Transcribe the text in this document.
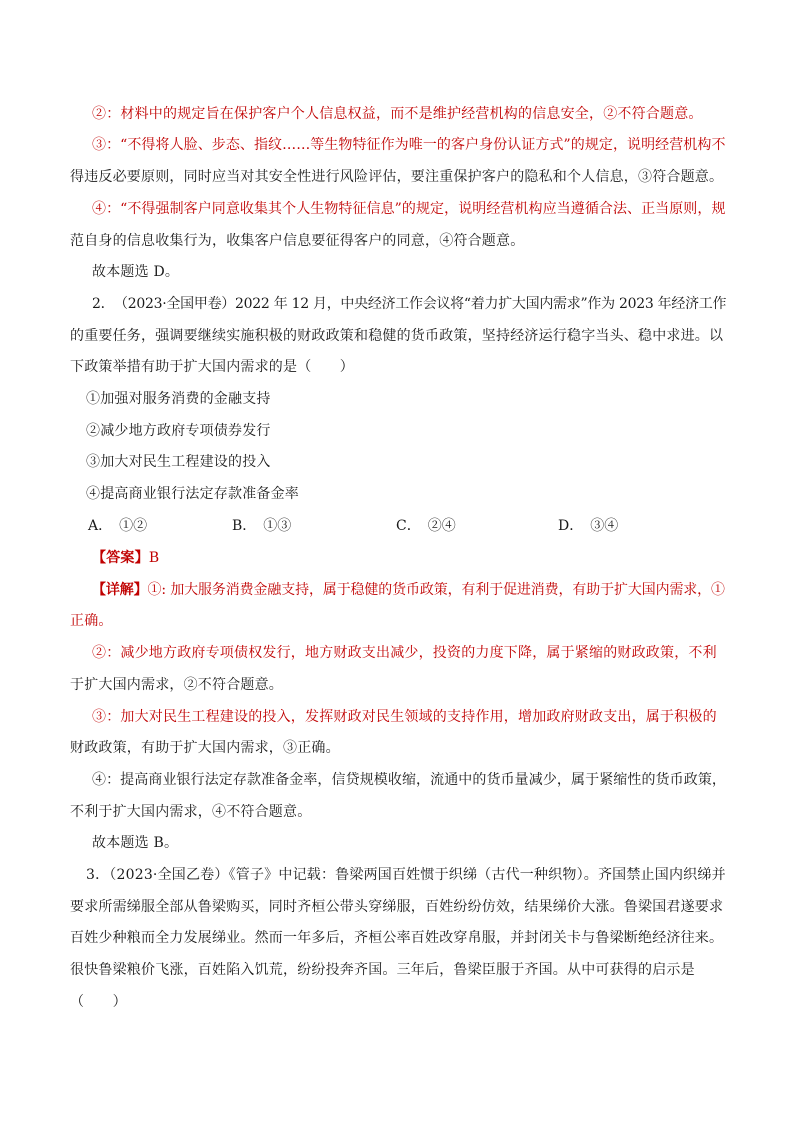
②：材料中的规定旨在保护客户个人信息权益，而不是维护经营机构的信息安全，②不符合题意。
③：“不得将人脸、步态、指纹……等生物特征作为唯一的客户身份认证方式”的规定，说明经营机构不
得违反必要原则，同时应当对其安全性进行风险评估，要注重保护客户的隐私和个人信息，③符合题意。
④：“不得强制客户同意收集其个人生物特征信息”的规定，说明经营机构应当遵循合法、正当原则，规
范自身的信息收集行为，收集客户信息要征得客户的同意，④符合题意。
故本题选 D。
2．　（2023·全国甲卷）2022 年 12 月，中央经济工作会议将“着力扩大国内需求”作为 2023 年经济工作
的重要任务，强调要继续实施积极的财政政策和稳健的货币政策，坚持经济运行稳字当头、稳中求进。以
下政策举措有助于扩大国内需求的是（　　）
①加强对服务消费的金融支持
②减少地方政府专项债券发行
③加大对民生工程建设的投入
④提高商业银行法定存款准备金率
A．　①②	B．　①③	C．　②④	D．　③④
【答案】B
【详解】①: 加大服务消费金融支持，属于稳健的货币政策，有利于促进消费，有助于扩大国内需求，①
正确。
②：减少地方政府专项债权发行，地方财政支出减少，投资的力度下降，属于紧缩的财政政策，不利
于扩大国内需求，②不符合题意。
③：加大对民生工程建设的投入，发挥财政对民生领域的支持作用，增加政府财政支出，属于积极的
财政政策，有助于扩大国内需求，③正确。
④：提高商业银行法定存款准备金率，信贷规模收缩，流通中的货币量减少，属于紧缩性的货币政策，
不利于扩大国内需求，④不符合题意。
故本题选 B。
3．（2023·全国乙卷）《管子》中记载：鲁梁两国百姓惯于织绨（古代一种织物）。齐国禁止国内织绨并
要求所需绨服全部从鲁梁购买，同时齐桓公带头穿绨服，百姓纷纷仿效，结果绨价大涨。鲁梁国君遂要求
百姓少种粮而全力发展绨业。然而一年多后，齐桓公率百姓改穿帛服，并封闭关卡与鲁梁断绝经济往来。
很快鲁梁粮价飞涨，百姓陷入饥荒，纷纷投奔齐国。三年后，鲁梁臣服于齐国。从中可获得的启示是
（　　）
